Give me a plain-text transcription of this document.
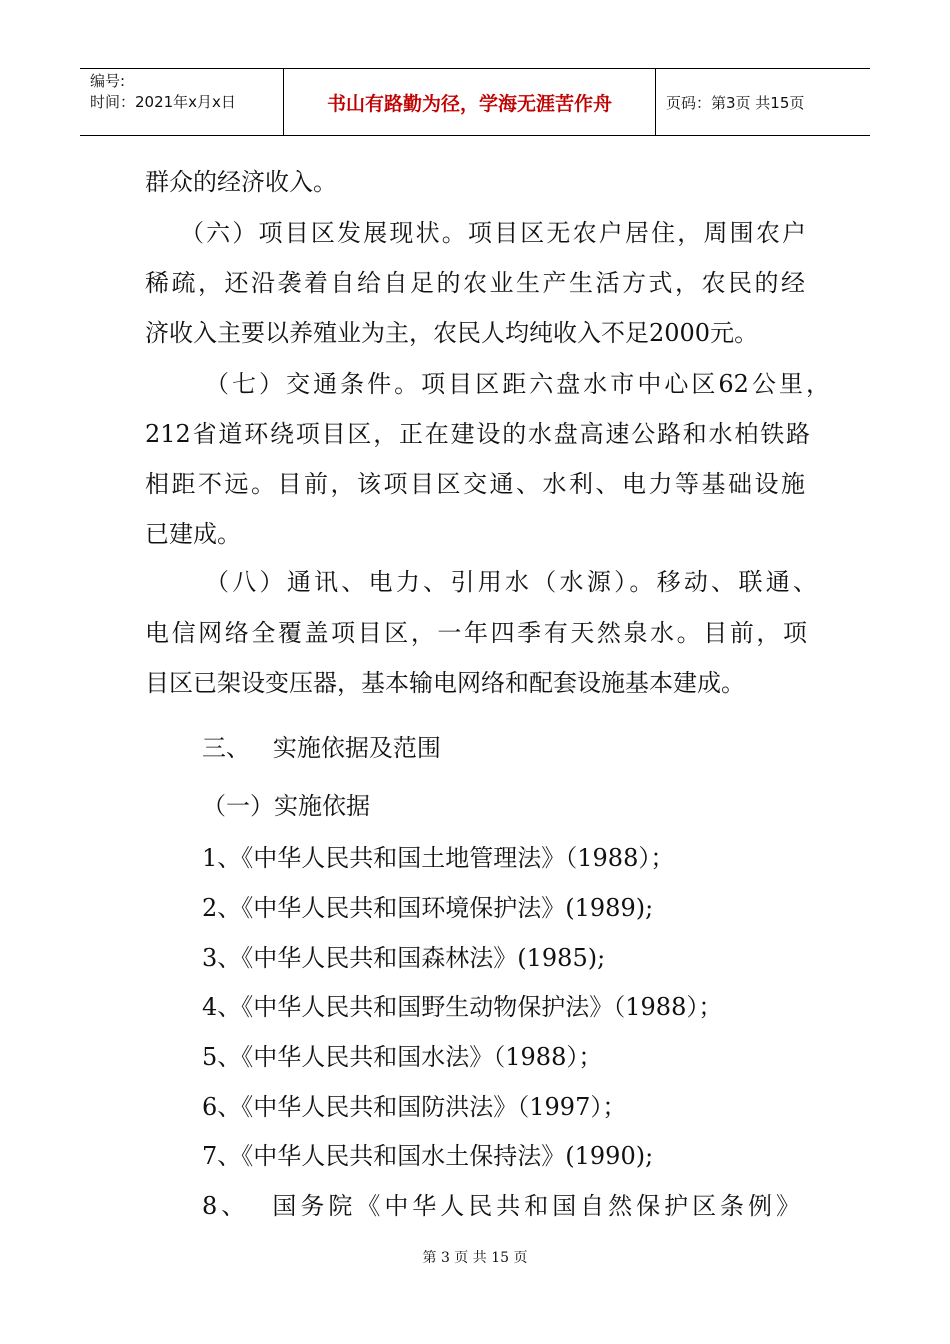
编号:
时间：2021年x月x日	书山有路勤为径，学海无涯苦作舟	页码：第3页 共15页
群众的经济收入。
（六）项目区发展现状。项目区无农户居住，周围农户
稀疏，还沿袭着自给自足的农业生产生活方式，农民的经
济收入主要以养殖业为主，农民人均纯收入不足2000元。
（七）交通条件。项目区距六盘水市中心区62公里，
212省道环绕项目区，正在建设的水盘高速公路和水柏铁路
相距不远。目前，该项目区交通、水利、电力等基础设施
已建成。
（八）通讯、电力、引用水（水源）。移动、联通、
电信网络全覆盖项目区，一年四季有天然泉水。目前，项
目区已架设变压器，基本输电网络和配套设施基本建成。
三、   实施依据及范围
（一）实施依据
1、《中华人民共和国土地管理法》（1988）；
2、《中华人民共和国环境保护法》(1989);
3、《中华人民共和国森林法》(1985);
4、《中华人民共和国野生动物保护法》（1988）；
5、《中华人民共和国水法》（1988）；
6、《中华人民共和国防洪法》（1997）；
7、《中华人民共和国水土保持法》(1990);
8、  国务院《中华人民共和国自然保护区条例》
第 3 页 共 15 页
